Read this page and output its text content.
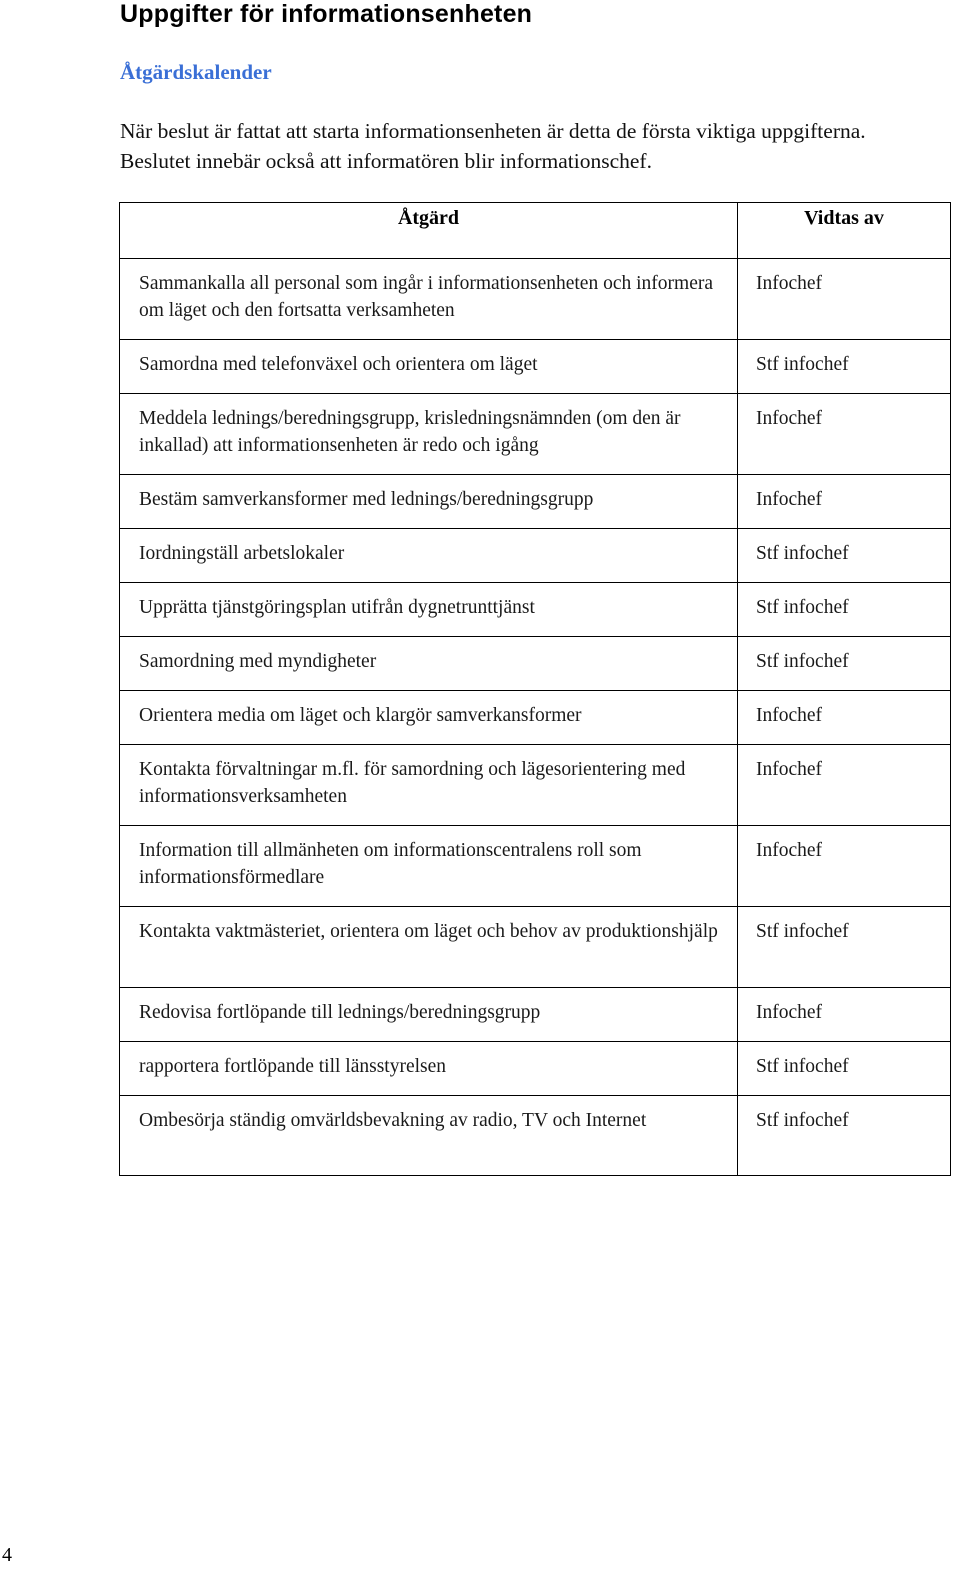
Uppgifter för informationsenheten
Åtgärdskalender

När beslut är fattat att starta informationsenheten är detta de första viktiga uppgifterna. Beslutet innebär också att informatören blir informationschef.

Åtgärd	Vidtas av
Sammankalla all personal som ingår i informationsenheten och informera om läget och den fortsatta verksamheten	Infochef
Samordna med telefonväxel och orientera om läget	Stf infochef
Meddela lednings/beredningsgrupp, krisledningsnämnden (om den är inkallad) att informationsenheten är redo och igång	Infochef
Bestäm samverkansformer med lednings/beredningsgrupp	Infochef
Iordningställ arbetslokaler	Stf infochef
Upprätta tjänstgöringsplan utifrån dygnetrunttjänst	Stf infochef
Samordning med myndigheter	Stf infochef
Orientera media om läget och klargör samverkansformer	Infochef
Kontakta förvaltningar m.fl. för samordning och lägesorientering med informationsverksamheten	Infochef
Information till allmänheten om informationscentralens roll som informationsförmedlare	Infochef
Kontakta vaktmästeriet, orientera om läget och behov av produktionshjälp	Stf infochef
Redovisa fortlöpande till lednings/beredningsgrupp	Infochef
rapportera fortlöpande till länsstyrelsen	Stf infochef
Ombesörja ständig omvärldsbevakning av radio, TV och Internet	Stf infochef
4
